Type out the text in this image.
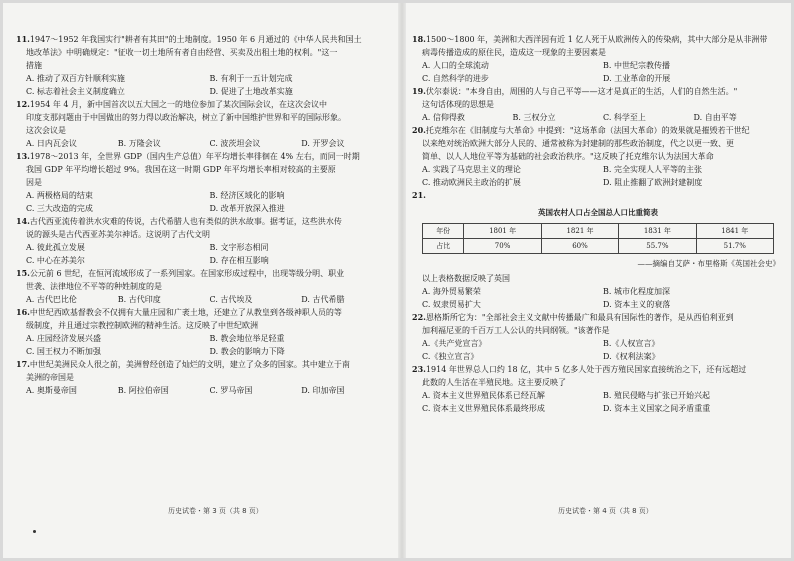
11.1947～1952 年我国实行"耕者有其田"的土地制度。1950 年 6 月通过的《中华人民共和国土

地改革法》中明确规定："征收一切土地所有者自由经营、买卖及出租土地的权利。"这一

措施

A. 推动了双百方针顺利实施	B. 有利于一五计划完成
C. 标志着社会主义制度确立	D. 促进了土地改革实施

12.1954 年 4 月，新中国首次以五大国之一的地位参加了某次国际会议，在这次会议中

印度支那问题由于中国做出的努力得以政治解决，树立了新中国维护世界和平的国际形象。

这次会议是

A. 日内瓦会议	B. 万隆会议	C. 波茨坦会议	D. 开罗会议

13.1978～2013 年，全世界 GDP（国内生产总值）年平均增长率徘徊在 4% 左右，而同一时期

我国 GDP 年平均增长超过 9%。我国在这一时期 GDP 年平均增长率相对较高的主要原

因是

A. 两极格局的结束	B. 经济区域化的影响
C. 三大改造的完成	D. 改革开放深入推进

14.古代西亚流传着洪水灾难的传说，古代希腊人也有类似的洪水故事。据考证，这些洪水传

说的源头是古代西亚苏美尔神话。这说明了古代文明

A. 彼此孤立发展	B. 文字形态相同
C. 中心在苏美尔	D. 存在相互影响

15.公元前 6 世纪，在恒河流域形成了一系列国家。在国家形成过程中，出现等级分明、职业

世袭、法律地位不平等的种姓制度的是

A. 古代巴比伦	B. 古代印度	C. 古代埃及	D. 古代希腊

16.中世纪西欧基督教会不仅拥有大量庄园和广袤土地，还建立了从教皇到各级神职人员的等

级制度，并且通过宗教控制欧洲的精神生活。这反映了中世纪欧洲

A. 庄园经济发展兴盛	B. 教会地位举足轻重
C. 国王权力不断加强	D. 教会的影响力下降

17.中世纪美洲民众人很之前，美洲曾经创造了灿烂的文明，建立了众多的国家。其中建立于南

美洲的帝国是

A. 奥斯曼帝国	B. 阿拉伯帝国	C. 罗马帝国	D. 印加帝国

18.1500～1800 年，美洲和大西洋因有近 1 亿人死于从欧洲传入的传染病，其中大部分是从非洲带

病毒传播造成的原住民，造成这一现象的主要因素是

A. 人口的全球流动	B. 中世纪宗教传播
C. 自然科学的进步	D. 工业革命的开展

19.伏尔泰说："本身自由，周围的人与自己平等——这才是真正的生活，人们的自然生活。"

这句话体现的思想是

A. 信仰得救	B. 三权分立	C. 科学至上	D. 自由平等

20.托克维尔在《旧制度与大革命》中提到："这场革命（法国大革命）的效果就是摧毁若干世纪

以来绝对统治欧洲大部分人民的、通常被称为封建制的那些政治制度，代之以更一致、更

简单、以人人地位平等为基础的社会政治秩序。"这反映了托克维尔认为法国大革命

A. 实践了马克思主义的理论	B. 完全实现人人平等的主张
C. 推动欧洲民主政治的扩展	D. 阻止推翻了欧洲封建制度

21.

英国农村人口占全国总人口比重简表
年份	1801 年	1821 年	1831 年	1841 年
占比	70%	60%	55.7%	51.7%
——摘编自艾萨・布里格斯《英国社会史》

以上表格数据反映了英国

A. 海外贸易繁荣	B. 城市化程度加深
C. 奴隶贸易扩大	D. 资本主义的衰落

22.恩格斯所它为："全部社会主义文献中传播最广和最具有国际性的著作，是从西伯利亚到

加利福尼亚的千百万工人公认的共同纲领。"该著作是

A.《共产党宣言》	B.《人权宣言》
C.《独立宣言》	D.《权利法案》

23.1914 年世界总人口约 18 亿，其中 5 亿多人处于西方殖民国家直接统治之下，还有远超过

此数的人生活在半殖民地。这主要反映了

A. 资本主义世界殖民体系已经瓦解	B. 殖民侵略与扩张已开始兴起
C. 资本主义世界殖民体系最终形成	D. 资本主义国家之间矛盾重重
历史试卷・第 3 页（共 8 页）	历史试卷・第 4 页（共 8 页）
